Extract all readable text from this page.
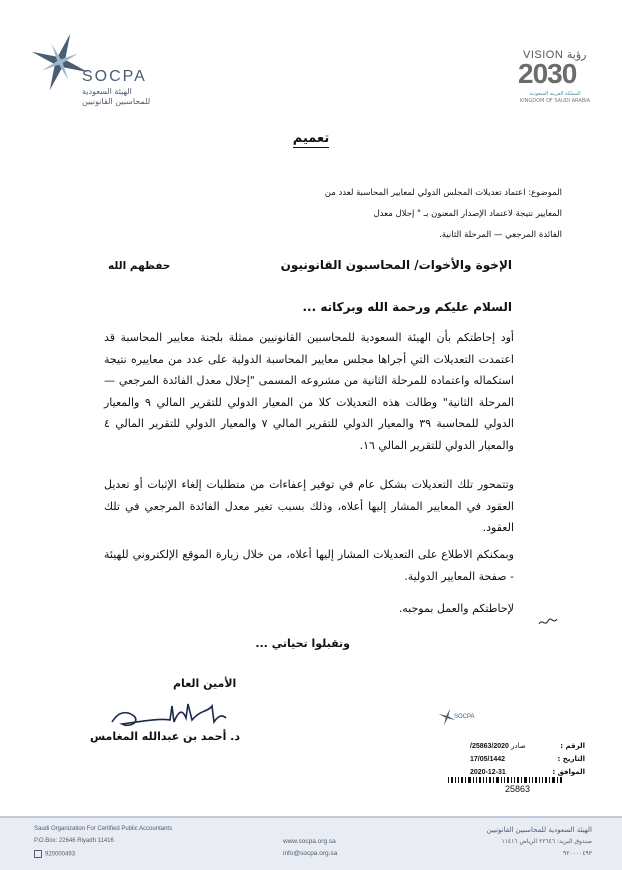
SOCPA
الهيئة السعودية
للمحاسبين القانونيين
VISION رؤية
2030
المملكة العربية السعودية
KINGDOM OF SAUDI ARABIA
تعميم
الموضوع: اعتماد تعديلات المجلس الدولي لمعايير المحاسبة لعدد من
المعايير نتيجة لاعتماد الإصدار المعنون بـ " إحلال معدل
الفائدة المرجعي — المرحلة الثانية.
الإخوة والأخوات/ المحاسبون القانونيون
حفظهم الله
السلام عليكم ورحمة الله وبركاته ...
أود إحاطتكم بأن الهيئة السعودية للمحاسبين القانونيين ممثلة بلجنة معايير المحاسبة قد اعتمدت التعديلات التي أجراها مجلس معايير المحاسبة الدولية على عدد من معاييره نتيجة استكماله واعتماده للمرحلة الثانية من مشروعه المسمى "إحلال معدل الفائدة المرجعي — المرحلة الثانية" وطالت هذه التعديلات كلا من المعيار الدولي للتقرير المالي ٩ والمعيار الدولي للمحاسبة ٣٩ والمعيار الدولي للتقرير المالي ٧ والمعيار الدولي للتقرير المالي ٤ والمعيار الدولي للتقرير المالي ١٦.
وتتمحور تلك التعديلات بشكل عام في توفير إعفاءات من متطلبات إلغاء الإثبات أو تعديل العقود في المعايير المشار إليها أعلاه، وذلك بسبب تغير معدل الفائدة المرجعي في تلك العقود.
وبمكنكم الاطلاع على التعديلات المشار إليها أعلاه، من خلال زيارة الموقع الإلكتروني للهيئة - صفحة المعايير الدولية.
لإحاطتكم والعمل بموجبه.
وتقبلوا تحياتي ...
الأمين العام
د. أحمد بن عبدالله المغامس
SOCPA
الرقم :
صادر 25863/2020/
التاريخ :
17/05/1442
الموافق :
2020-12-31
25863
Saudi Organization For Certified Public Accountants
P.O.Box: 22646 Riyadh 11416
920000493
www.socpa.org.sa
info@socpa.org.sa
الهيئة السعودية للمحاسبين القانونيين
صندوق البريد: ٢٢٦٤٦ الرياض ١١٤١٦
٩٢٠٠٠٠٤٩٣
